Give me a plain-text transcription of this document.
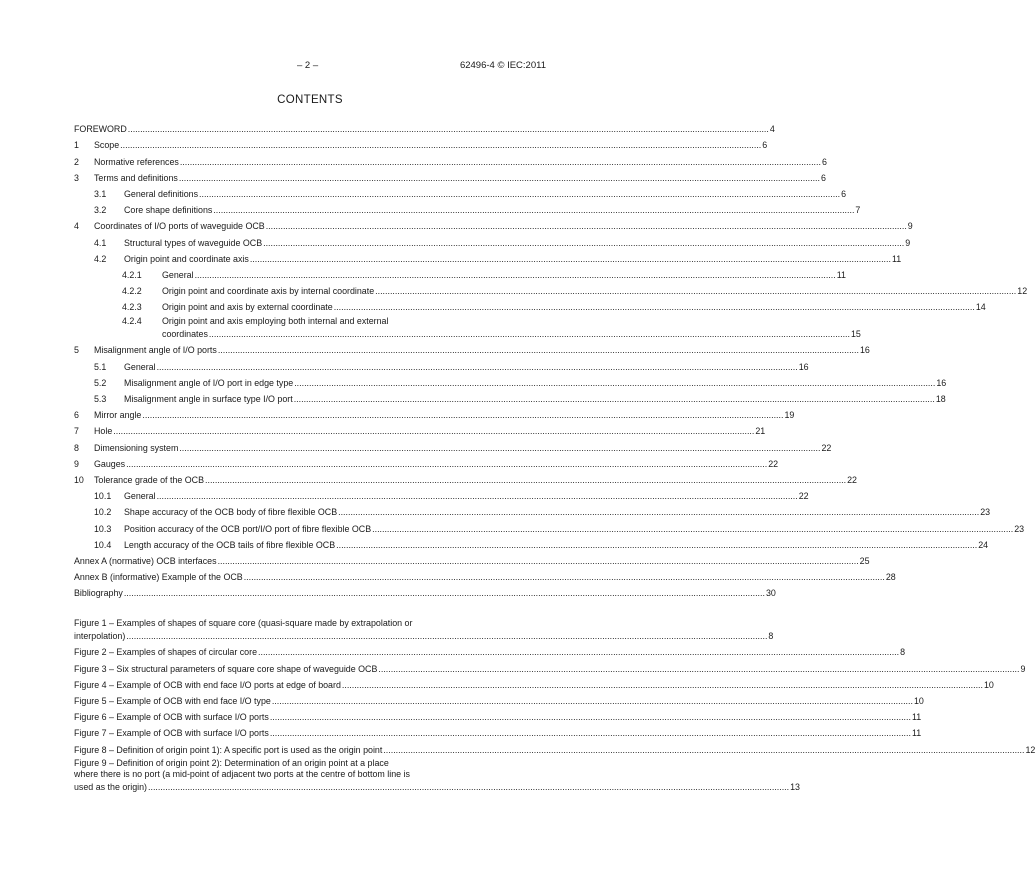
– 2 –	62496-4 © IEC:2011
CONTENTS
FOREWORD .....	4
1	Scope .....	6
2	Normative references .....	6
3	Terms and definitions .....	6
3.1	General definitions .....	6
3.2	Core shape definitions .....	7
4	Coordinates of I/O ports of waveguide OCB .....	9
4.1	Structural types of waveguide OCB .....	9
4.2	Origin point and coordinate axis .....	11
4.2.1	General .....	11
4.2.2	Origin point and coordinate axis by internal coordinate .....	12
4.2.3	Origin point and axis by external coordinate .....	14
4.2.4 Origin point and axis employing both internal and external
coordinates .....	15
5	Misalignment angle of I/O ports .....	16
5.1	General .....	16
5.2	Misalignment angle of I/O port in edge type .....	16
5.3	Misalignment angle in surface type I/O port .....	18
6	Mirror angle .....	19
7	Hole .....	21
8	Dimensioning system .....	22
9	Gauges .....	22
10	Tolerance grade of the OCB .....	22
10.1	General .....	22
10.2	Shape accuracy of the OCB body of fibre flexible OCB .....	23
10.3	Position accuracy of the OCB port/I/O port of fibre flexible OCB .....	23
10.4	Length accuracy of the OCB tails of fibre flexible OCB .....	24
Annex A (normative) OCB interfaces .....	25
Annex B (informative) Example of the OCB .....	28
Bibliography .....	30
Figure 1 – Examples of shapes of square core (quasi-square made by extrapolation or
interpolation) .....	8
Figure 2 – Examples of shapes of circular core .....	8
Figure 3 – Six structural parameters of square core shape of waveguide OCB .....	9
Figure 4 – Example of OCB with end face I/O ports at edge of board .....	10
Figure 5 – Example of OCB with end face I/O type .....	10
Figure 6 – Example of OCB with surface I/O ports .....	11
Figure 7 – Example of OCB with surface I/O ports .....	11
Figure 8 – Definition of origin point 1): A specific port is used as the origin point .....	12
Figure 9 – Definition of origin point 2): Determination of an origin point at a place
where there is no port (a mid-point of adjacent two ports at the centre of bottom line is
used as the origin) .....	13
